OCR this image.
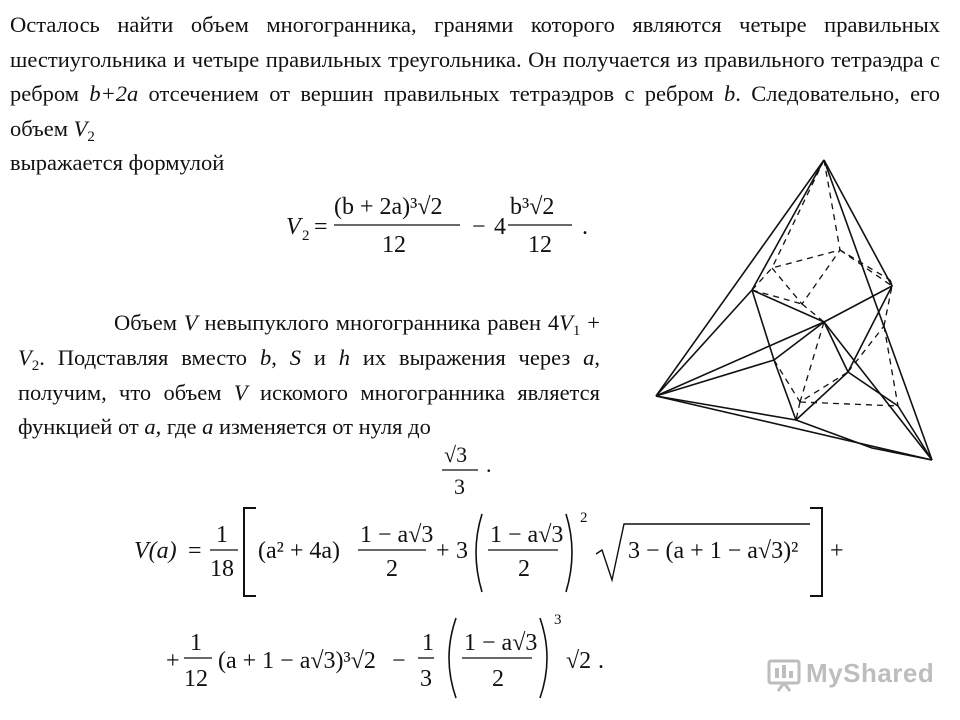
Осталось найти объем многогранника, гранями которого являются четыре правильных шестиугольника и четыре правильных треугольника. Он получается из правильного тетраэдра с ребром b+2a отсечением от вершин правильных тетраэдров с ребром b. Следовательно, его объем $V_2$
выражается формулой
V 2 =
(b + 2a)³√2
12
− 4
b³√2
12
.
Объем V невыпуклого многогранника равен $4V_1 + V_2$. Подставляя вместо b, S и h их выражения через a, получим, что объем V искомого многогранника является функцией от a, где a изменяется от нуля до
√3
3
.
V(a) =
1
18
(a² + 4a)
1 − a√3
2
+ 3
1 − a√3
2
2
3 − (a + 1 − a√3)² +
+
1
12
(a + 1 − a√3)³√2 −
1
3
1 − a√3
2
3
√2 .	MyShared
